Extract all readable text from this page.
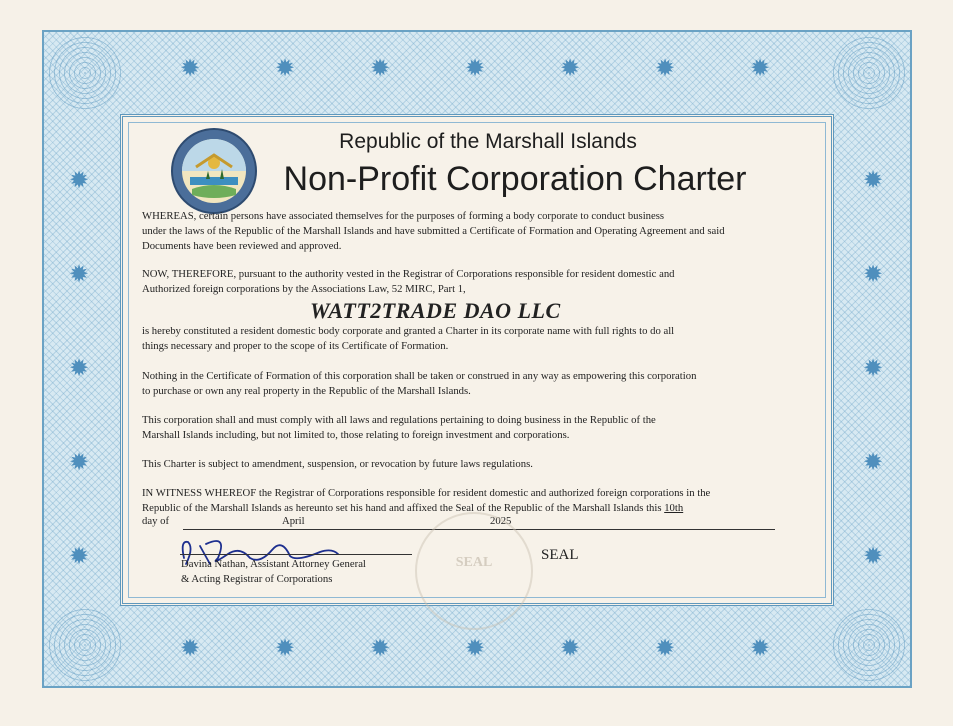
✹
✹
✹
✹
✹
✹
✹
✹
✹
✹
✹
✹
✹
✹
✹	✹
✹	✹
✹	✹
✹	✹
✹	✹
Republic of the Marshall Islands
Non-Profit Corporation Charter
WHEREAS, certain persons have associated themselves for the purposes of forming a body corporate to conduct business
under the laws of the Republic of the Marshall Islands and have submitted a Certificate of Formation and Operating Agreement and said
Documents have been reviewed and approved.
NOW, THEREFORE, pursuant to the authority vested in the Registrar of Corporations responsible for resident domestic and
Authorized foreign corporations by the Associations Law, 52 MIRC, Part 1,
WATT2TRADE DAO LLC
is hereby constituted a resident domestic body corporate and granted a Charter in its corporate name with full rights to do all
things necessary and proper to the scope of its Certificate of Formation.
Nothing in the Certificate of Formation of this corporation shall be taken or construed in any way as empowering this corporation
to purchase or own any real property in the Republic of the Marshall Islands.
This corporation shall and must comply with all laws and regulations pertaining to doing business in the Republic of the
Marshall Islands including, but not limited to, those relating to foreign investment and corporations.
This Charter is subject to amendment, suspension, or revocation by future laws regulations.
IN WITNESS WHEREOF the Registrar of Corporations responsible for resident domestic and authorized foreign corporations in the
Republic of the Marshall Islands as hereunto set his hand and affixed the Seal of the Republic of the Marshall Islands this 10th
day of	April	2025
SEAL
Davina Nathan, Assistant Attorney General
& Acting Registrar of Corporations
SEAL
